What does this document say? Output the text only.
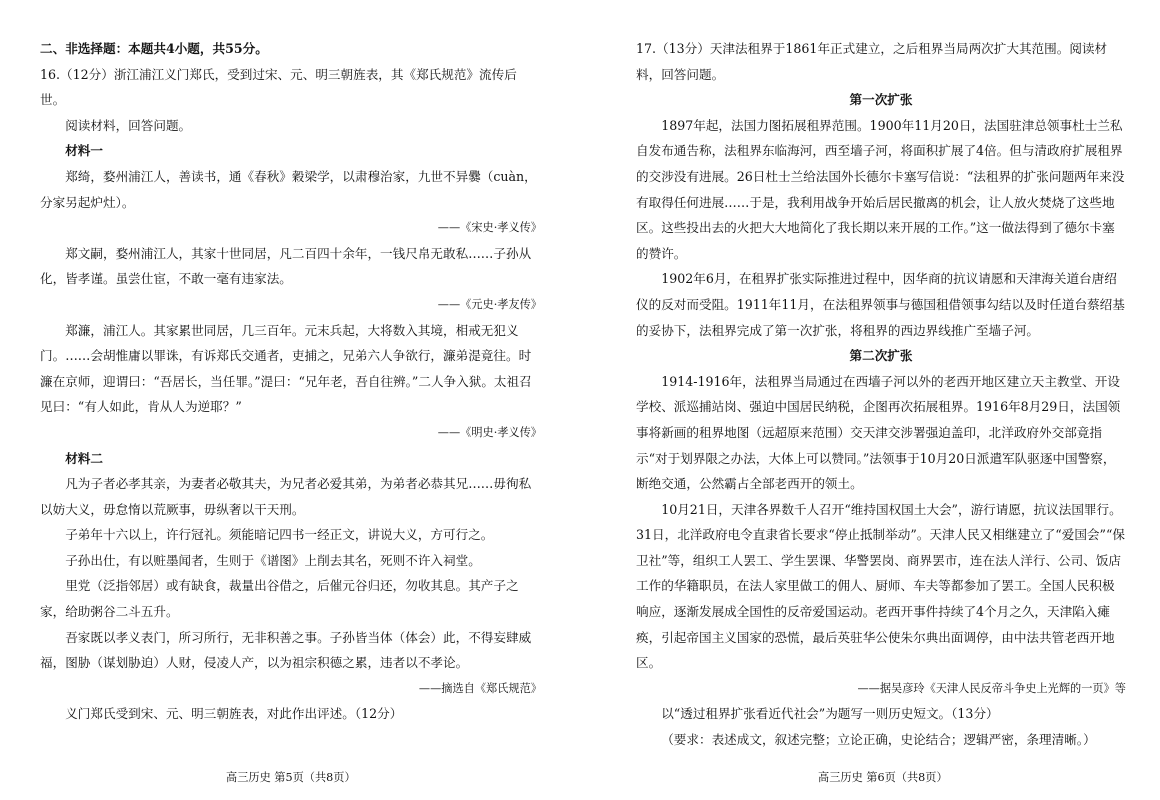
二、非选择题：本题共4小题，共55分。

16.（12分）浙江浦江义门郑氏，受到过宋、元、明三朝旌表，其《郑氏规范》流传后世。

阅读材料，回答问题。

材料一

郑绮，婺州浦江人，善读书，通《春秋》穀梁学，以肃穆治家，九世不异爨（cuàn，分家另起炉灶）。

——《宋史·孝义传》

郑文嗣，婺州浦江人，其家十世同居，凡二百四十余年，一钱尺帛无敢私……子孙从化，皆孝谨。虽尝仕宦，不敢一毫有违家法。

——《元史·孝友传》

郑濂，浦江人。其家累世同居，几三百年。元末兵起，大将数入其境，相戒无犯义门。……会胡惟庸以罪诛，有诉郑氏交通者，吏捕之，兄弟六人争欲行，濂弟湜竟往。时濂在京师，迎谓曰：“吾居长，当任罪。”湜曰：“兄年老，吾自往辨。”二人争入狱。太祖召见曰：“有人如此，肯从人为逆耶？”

——《明史·孝义传》

材料二

凡为子者必孝其亲，为妻者必敬其夫，为兄者必爱其弟，为弟者必恭其兄……毋徇私以妨大义，毋怠惰以荒厥事，毋纵奢以干天刑。

子弟年十六以上，许行冠礼。须能暗记四书一经正文，讲说大义，方可行之。

子孙出仕，有以赃墨闻者，生则于《谱图》上削去其名，死则不许入祠堂。

里党（泛指邻居）或有缺食，裁量出谷借之，后催元谷归还，勿收其息。其产子之家，给助粥谷二斗五升。

吾家既以孝义表门，所习所行，无非积善之事。子孙皆当体（体会）此，不得妄肆威福，图胁（谋划胁迫）人财，侵凌人产，以为祖宗积德之累，违者以不孝论。

——摘选自《郑氏规范》

义门郑氏受到宋、元、明三朝旌表，对此作出评述。（12分）

17.（13分）天津法租界于1861年正式建立，之后租界当局两次扩大其范围。阅读材料，回答问题。

第一次扩张

1897年起，法国力图拓展租界范围。1900年11月20日，法国驻津总领事杜士兰私自发布通告称，法租界东临海河，西至墙子河，将面积扩展了4倍。但与清政府扩展租界的交涉没有进展。26日杜士兰给法国外长德尔卡塞写信说：“法租界的扩张问题两年来没有取得任何进展……于是，我利用战争开始后居民撤离的机会，让人放火焚烧了这些地区。这些投出去的火把大大地简化了我长期以来开展的工作。”这一做法得到了德尔卡塞的赞许。

1902年6月，在租界扩张实际推进过程中，因华商的抗议请愿和天津海关道台唐绍仪的反对而受阻。1911年11月，在法租界领事与德国租借领事勾结以及时任道台蔡绍基的妥协下，法租界完成了第一次扩张，将租界的西边界线推广至墙子河。

第二次扩张

1914-1916年，法租界当局通过在西墙子河以外的老西开地区建立天主教堂、开设学校、派巡捕站岗、强迫中国居民纳税，企图再次拓展租界。1916年8月29日，法国领事将新画的租界地图（远超原来范围）交天津交涉署强迫盖印，北洋政府外交部竟指示“对于划界限之办法，大体上可以赞同。”法领事于10月20日派遣军队驱逐中国警察，断绝交通，公然霸占全部老西开的领土。

10月21日，天津各界数千人召开“维持国权国土大会”，游行请愿，抗议法国罪行。31日，北洋政府电令直隶省长要求“停止抵制举动”。天津人民又相继建立了“爱国会”“保卫社”等，组织工人罢工、学生罢课、华警罢岗、商界罢市，连在法人洋行、公司、饭店工作的华籍职员，在法人家里做工的佣人、厨师、车夫等都参加了罢工。全国人民积极响应，逐渐发展成全国性的反帝爱国运动。老西开事件持续了4个月之久，天津陷入瘫痪，引起帝国主义国家的恐慌，最后英驻华公使朱尔典出面调停，由中法共管老西开地区。

——据吴彦玲《天津人民反帝斗争史上光辉的一页》等

以“透过租界扩张看近代社会”为题写一则历史短文。（13分）

（要求：表述成文，叙述完整；立论正确，史论结合；逻辑严密，条理清晰。）

高三历史 第5页（共8页）	高三历史 第6页（共8页）
